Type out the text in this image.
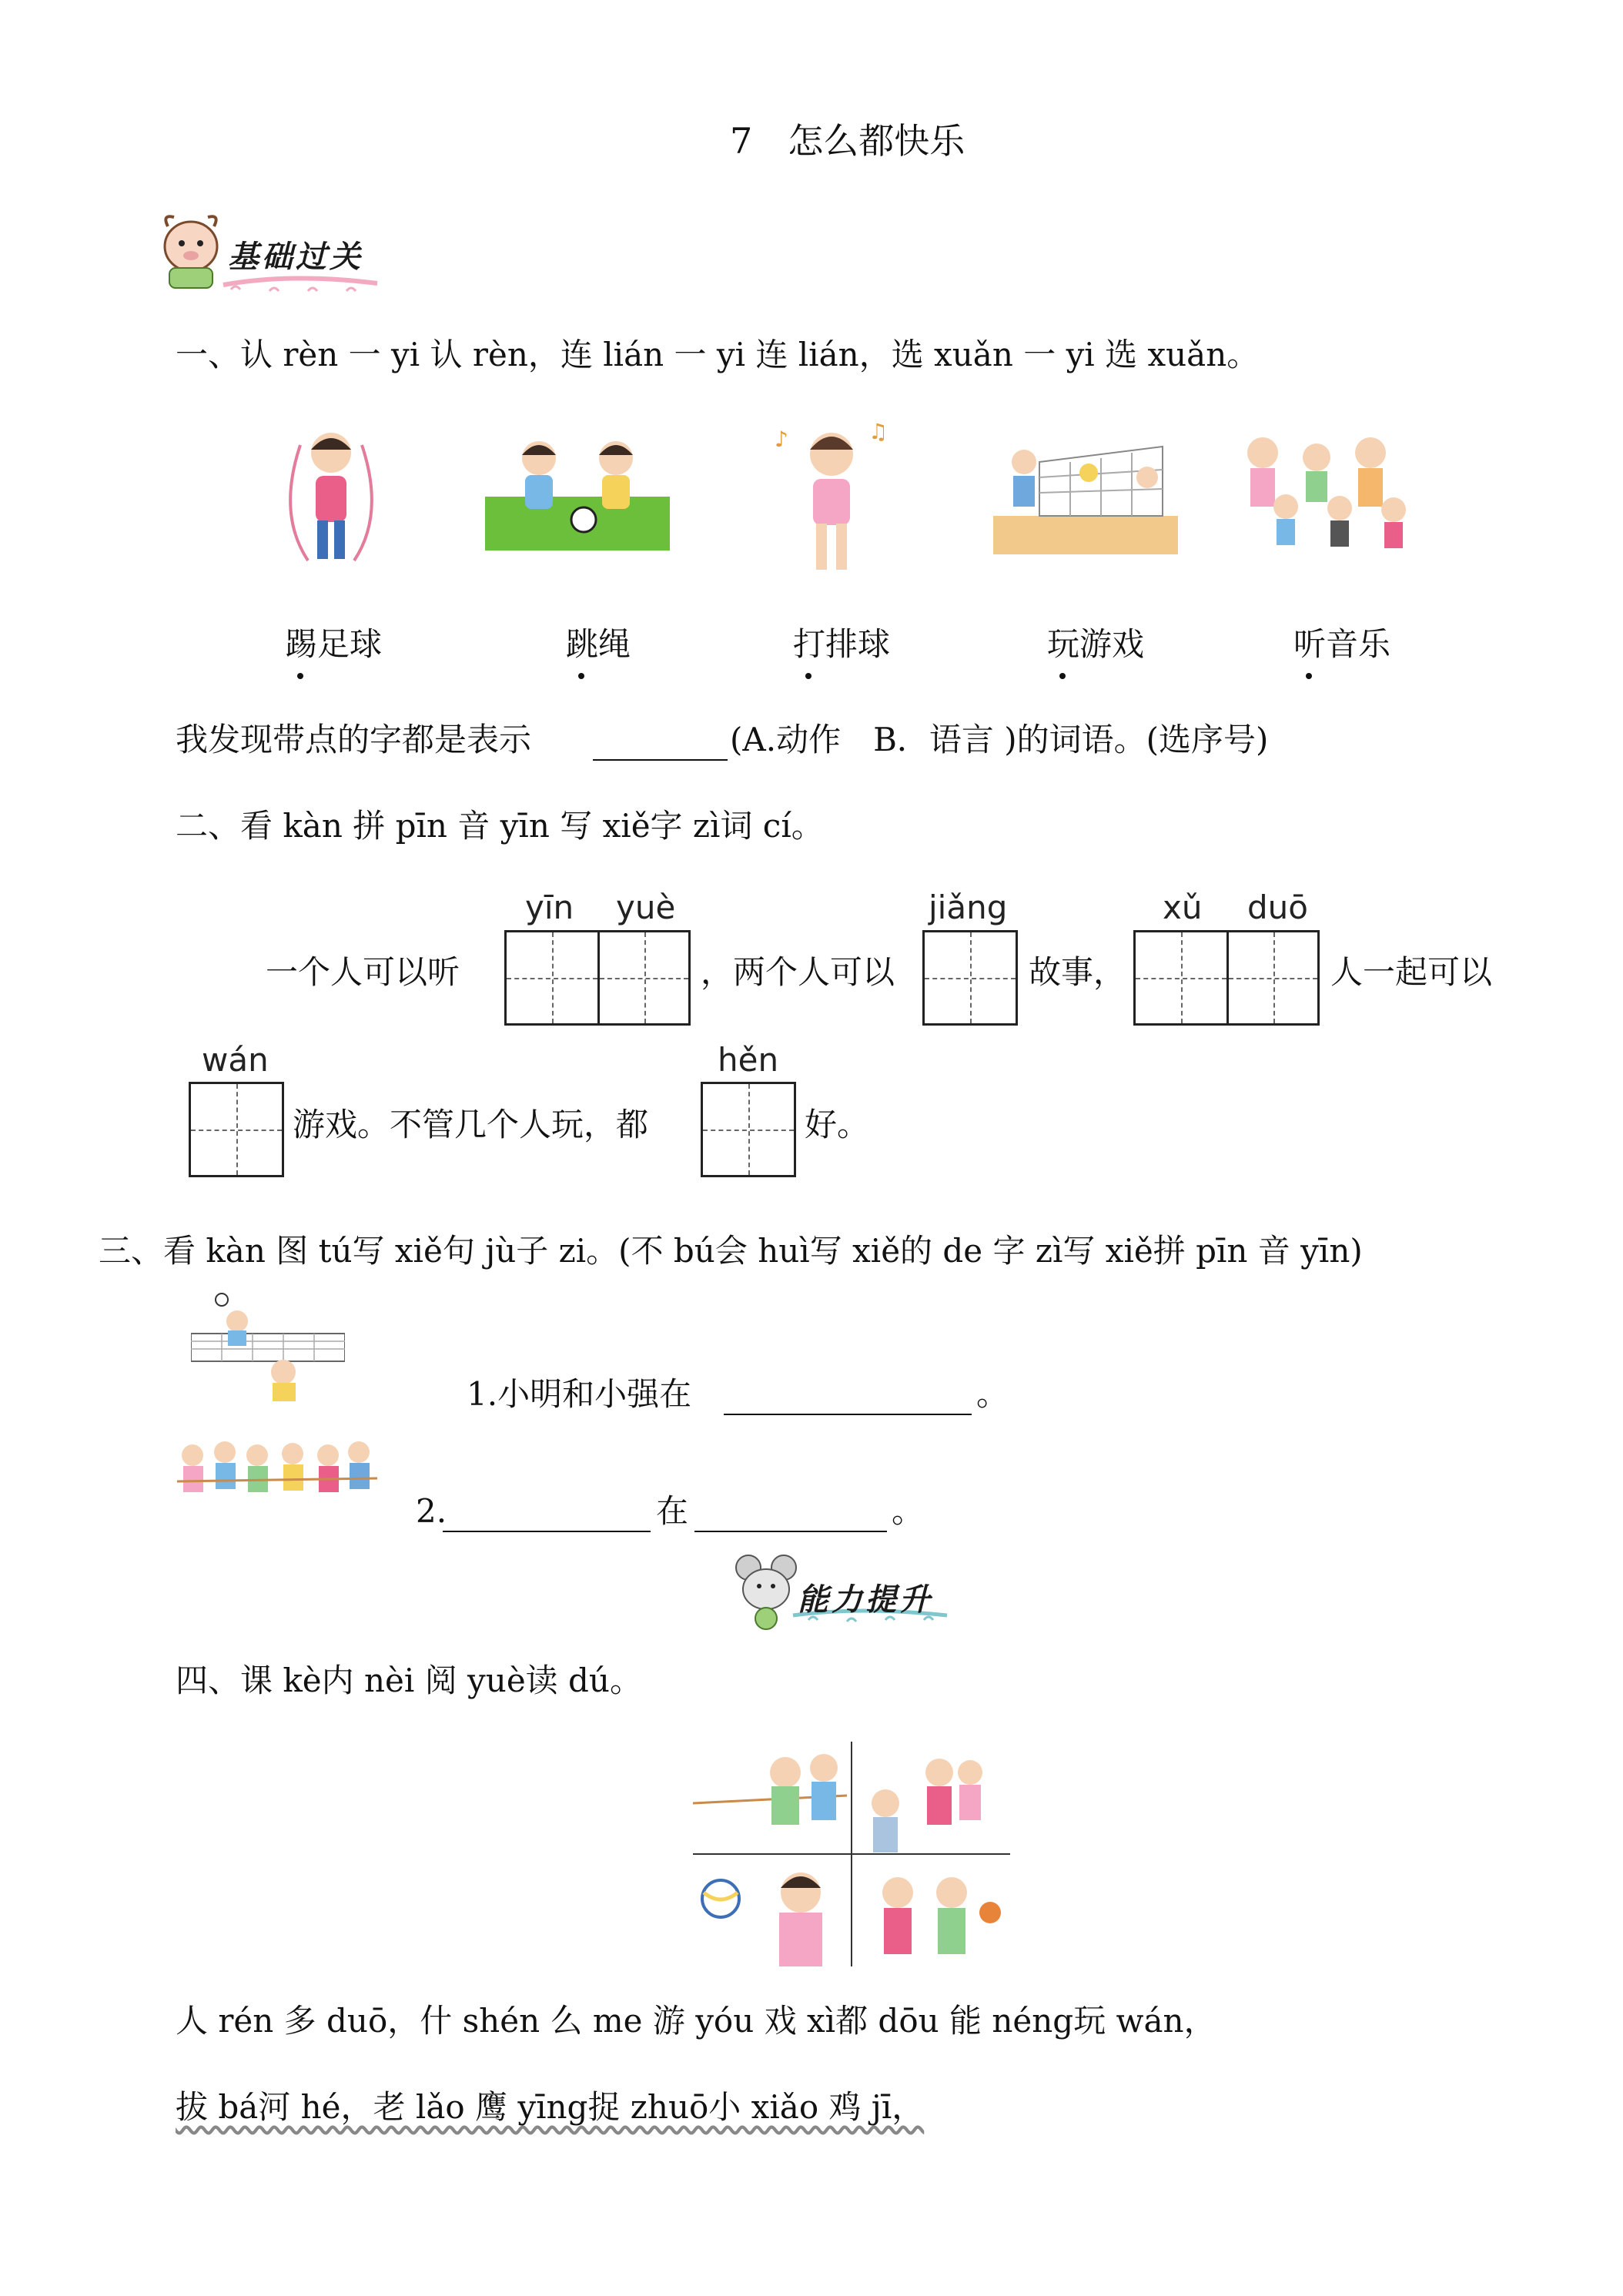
7　怎么都快乐
基础过关
一、认 rèn 一 yi 认 rèn，连 lián 一 yi 连 lián，选 xuǎn 一 yi 选 xuǎn。
♪	♫
踢足球	跳绳	打排球	玩游戏	听音乐
我发现带点的字都是表示	(A.动作　B．语言 )的词语。(选序号)
二、看 kàn 拼 pīn 音 yīn 写 xiě字 zì词 cí。
yīn yuè	jiǎng	xǔ duō
一个人可以听	，两个人可以	故事，	人一起可以
wán	hěn
游戏。不管几个人玩，都	好。
三、看 kàn 图 tú写 xiě句 jù子 zi。(不 bú会 huì写 xiě的 de 字 zì写 xiě拼 pīn 音 yīn)
1.小明和小强在	。
2.	在	。
能力提升
四、课 kè内 nèi 阅 yuè读 dú。
人 rén 多 duō，什 shén 么 me 游 yóu 戏 xì都 dōu 能 néng玩 wán，
拔 bá河 hé，老 lǎo 鹰 yīng捉 zhuō小 xiǎo 鸡 jī，
